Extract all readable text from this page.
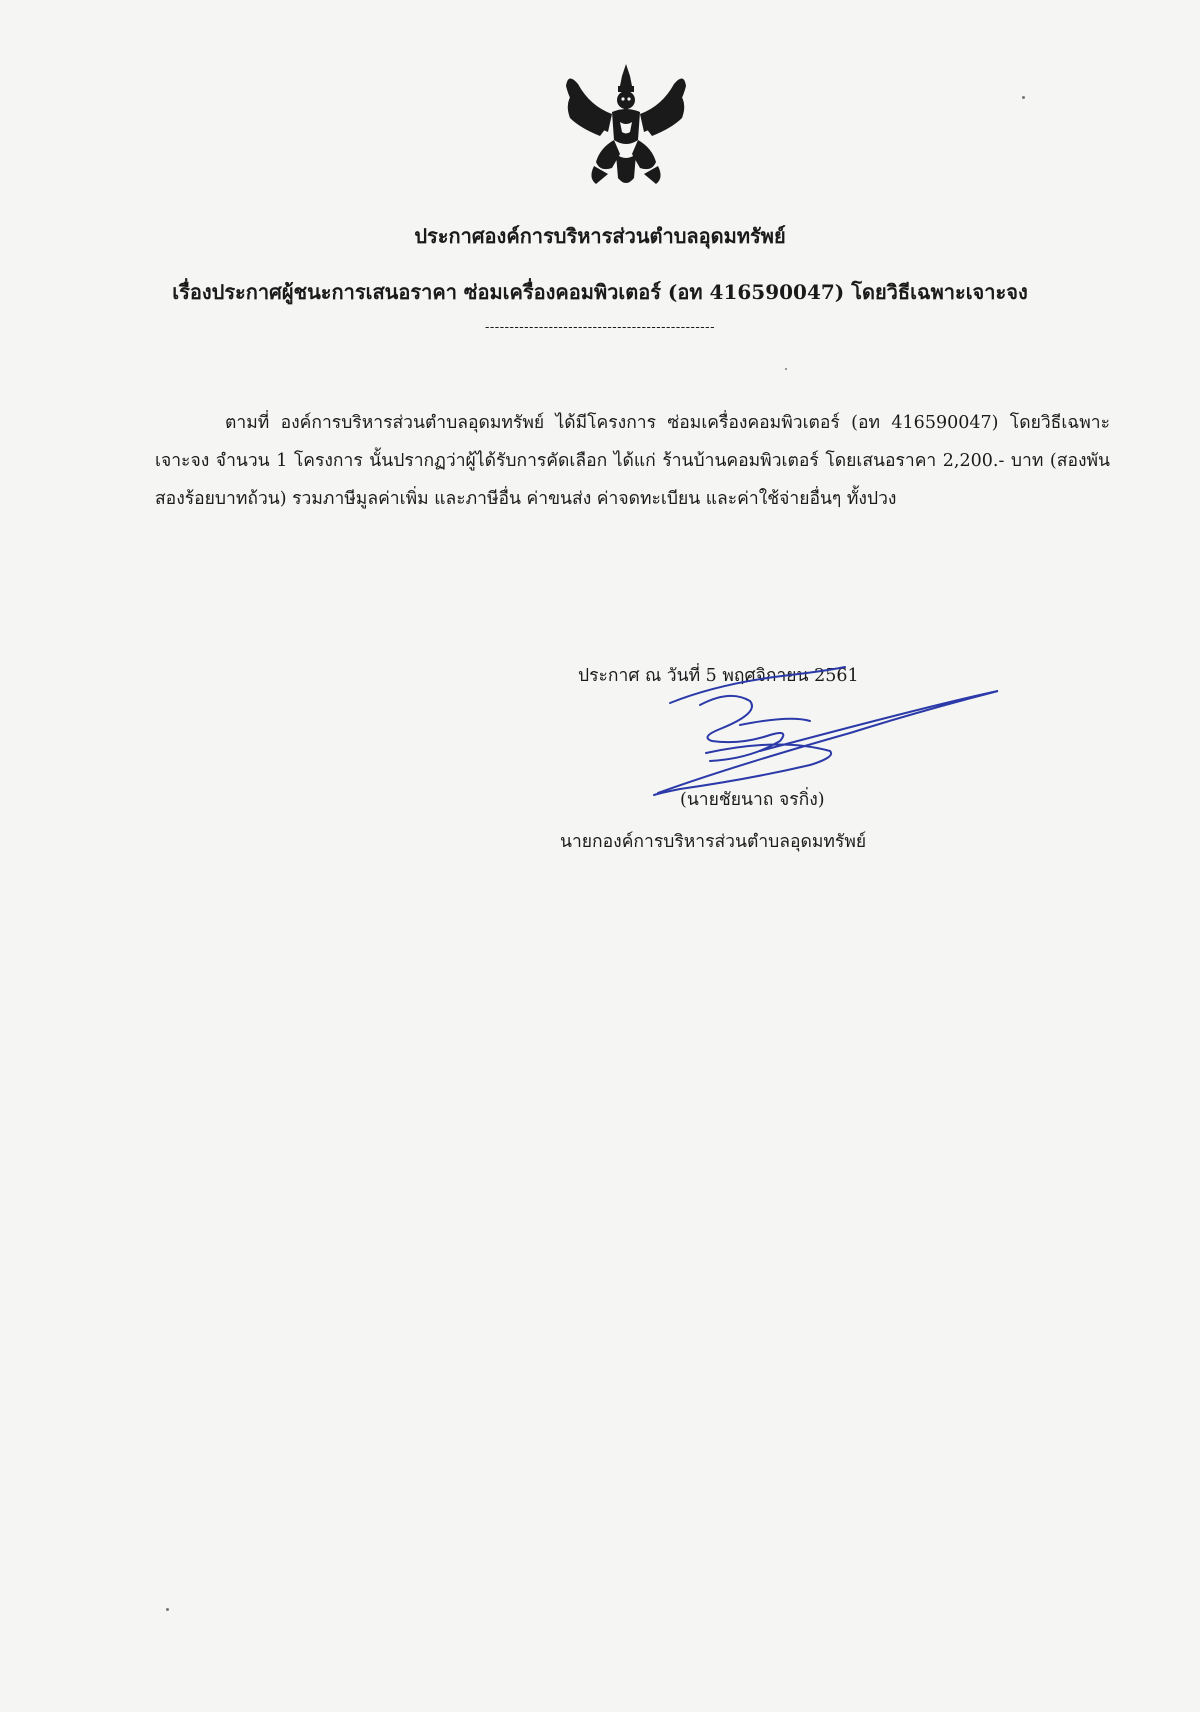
ประกาศองค์การบริหารส่วนตำบลอุดมทรัพย์
เรื่องประกาศผู้ชนะการเสนอราคา ซ่อมเครื่องคอมพิวเตอร์ (อท 416590047) โดยวิธีเฉพาะเจาะจง
-----------------------------------------------

ตามที่ องค์การบริหารส่วนตำบลอุดมทรัพย์ ได้มีโครงการ ซ่อมเครื่องคอมพิวเตอร์ (อท 416590047) โดยวิธีเฉพาะเจาะจง จำนวน 1 โครงการ นั้นปรากฏว่าผู้ได้รับการคัดเลือก ได้แก่ ร้านบ้านคอมพิวเตอร์ โดยเสนอราคา 2,200.- บาท (สองพันสองร้อยบาทถ้วน) รวมภาษีมูลค่าเพิ่ม และภาษีอื่น ค่าขนส่ง ค่าจดทะเบียน และค่าใช้จ่ายอื่นๆ ทั้งปวง

ประกาศ ณ วันที่ 5 พฤศจิกายน 2561
(นายชัยนาถ จรกิ่ง)
นายกองค์การบริหารส่วนตำบลอุดมทรัพย์
